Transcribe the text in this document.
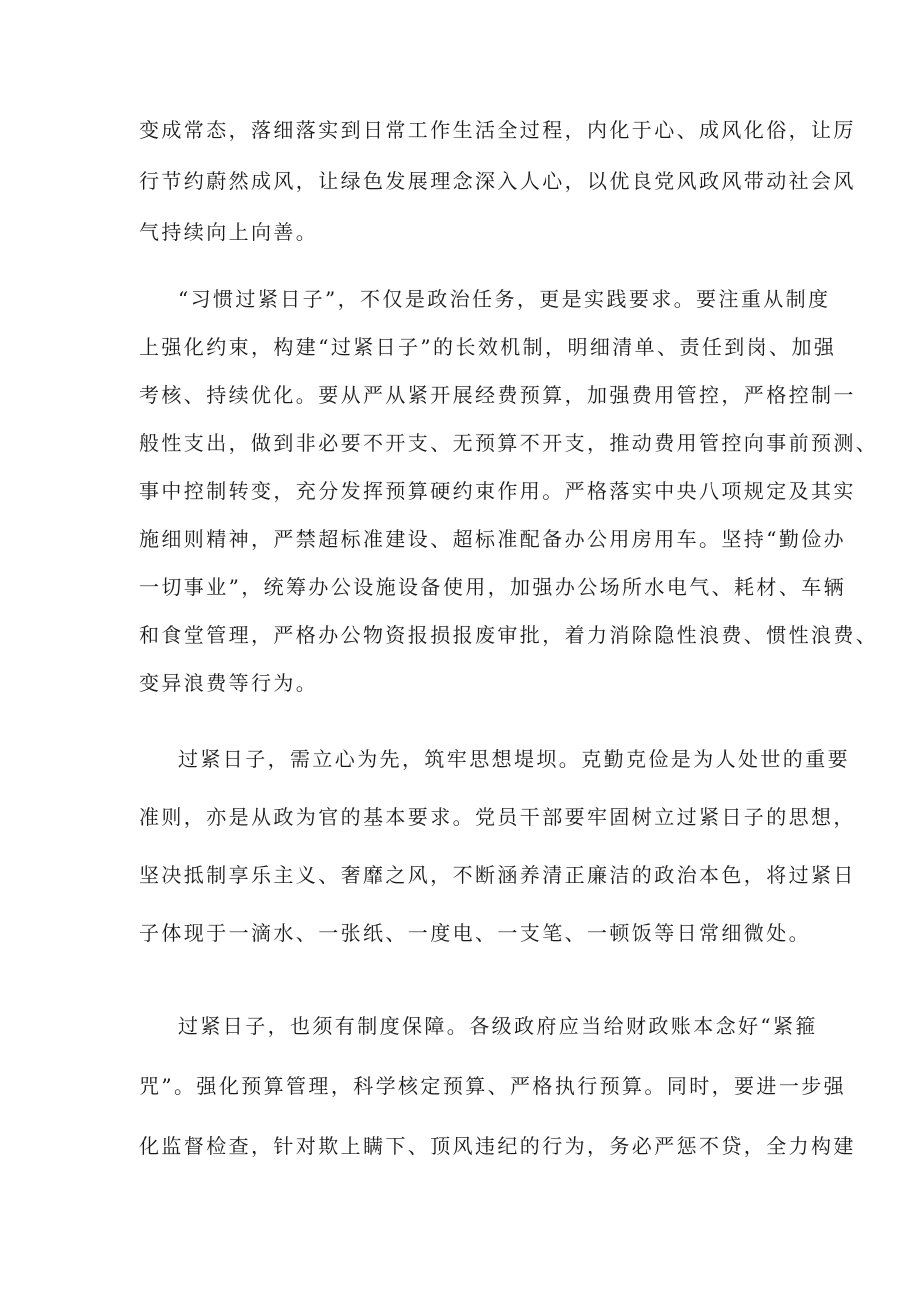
变成常态，落细落实到日常工作生活全过程，内化于心、成风化俗，让厉
行节约蔚然成风，让绿色发展理念深入人心，以优良党风政风带动社会风
气持续向上向善。
“习惯过紧日子”，不仅是政治任务，更是实践要求。要注重从制度
上强化约束，构建“过紧日子”的长效机制，明细清单、责任到岗、加强
考核、持续优化。要从严从紧开展经费预算，加强费用管控，严格控制一
般性支出，做到非必要不开支、无预算不开支，推动费用管控向事前预测、
事中控制转变，充分发挥预算硬约束作用。严格落实中央八项规定及其实
施细则精神，严禁超标准建设、超标准配备办公用房用车。坚持“勤俭办
一切事业”，统筹办公设施设备使用，加强办公场所水电气、耗材、车辆
和食堂管理，严格办公物资报损报废审批，着力消除隐性浪费、惯性浪费、
变异浪费等行为。
过紧日子，需立心为先，筑牢思想堤坝。克勤克俭是为人处世的重要
准则，亦是从政为官的基本要求。党员干部要牢固树立过紧日子的思想，
坚决抵制享乐主义、奢靡之风，不断涵养清正廉洁的政治本色，将过紧日
子体现于一滴水、一张纸、一度电、一支笔、一顿饭等日常细微处。
过紧日子，也须有制度保障。各级政府应当给财政账本念好“紧箍
咒”。强化预算管理，科学核定预算、严格执行预算。同时，要进一步强
化监督检查，针对欺上瞒下、顶风违纪的行为，务必严惩不贷，全力构建
